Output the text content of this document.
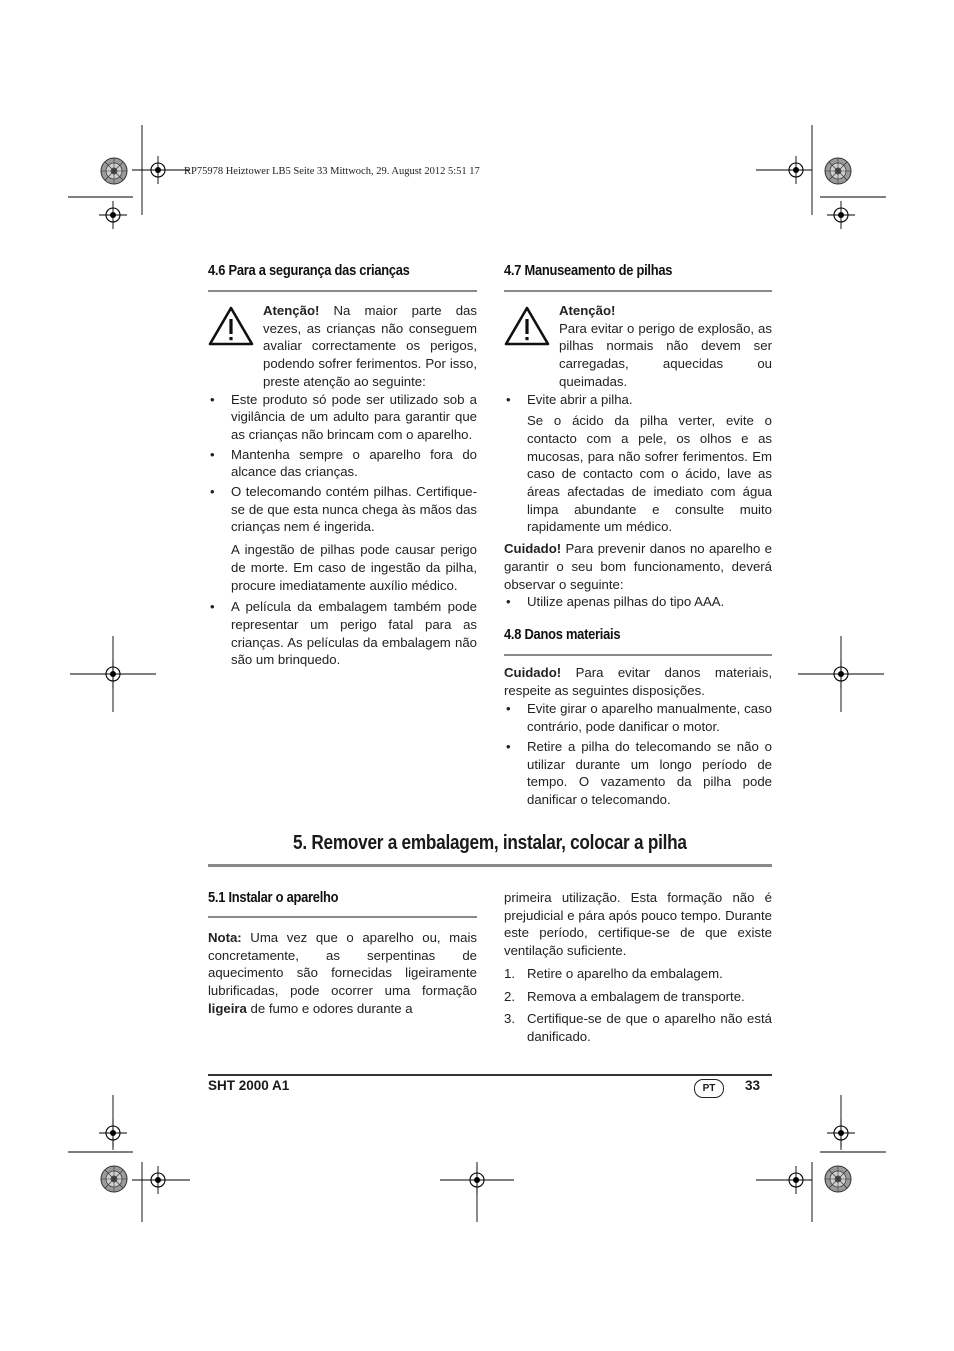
RP75978 Heiztower LB5 Seite 33 Mittwoch, 29. August 2012 5:51 17
4.6 Para a segurança das crianças
Atenção! Na maior parte das vezes, as crianças não conseguem avaliar correctamente os perigos, podendo sofrer ferimentos. Por isso, preste atenção ao seguinte:
• Este produto só pode ser utilizado sob a vigilância de um adulto para garantir que as crianças não brincam com o aparelho.
• Mantenha sempre o aparelho fora do alcance das crianças.
• O telecomando contém pilhas. Certifique-se de que esta nunca chega às mãos das crianças nem é ingerida.

A ingestão de pilhas pode causar perigo de morte. Em caso de ingestão da pilha, procure imediatamente auxílio médico.

• A película da embalagem também pode representar um perigo fatal para as crianças. As películas da embalagem não são um brinquedo.
4.7 Manuseamento de pilhas
Atenção!
Para evitar o perigo de explosão, as pilhas normais não devem ser carregadas, aquecidas ou queimadas.
• Evite abrir a pilha.

Se o ácido da pilha verter, evite o contacto com a pele, os olhos e as mucosas, para não sofrer ferimentos. Em caso de contacto com o ácido, lave as áreas afectadas de imediato com água limpa abundante e consulte muito rapidamente um médico.

Cuidado! Para prevenir danos no aparelho e garantir o seu bom funcionamento, deverá observar o seguinte:

• Utilize apenas pilhas do tipo AAA.
4.8 Danos materiais

Cuidado! Para evitar danos materiais, respeite as seguintes disposições.

• Evite girar o aparelho manualmente, caso contrário, pode danificar o motor.
• Retire a pilha do telecomando se não o utilizar durante um longo período de tempo. O vazamento da pilha pode danificar o telecomando.
5. Remover a embalagem, instalar, colocar a pilha
5.1 Instalar o aparelho

Nota: Uma vez que o aparelho ou, mais concretamente, as serpentinas de aquecimento são fornecidas ligeiramente lubrificadas, pode ocorrer uma formação ligeira de fumo e odores durante a

primeira utilização. Esta formação não é prejudicial e pára após pouco tempo. Durante este período, certifique-se de que existe ventilação suficiente.

1. Retire o aparelho da embalagem.
2. Remova a embalagem de transporte.
3. Certifique-se de que o aparelho não está danificado.
SHT 2000 A1	PT	33
